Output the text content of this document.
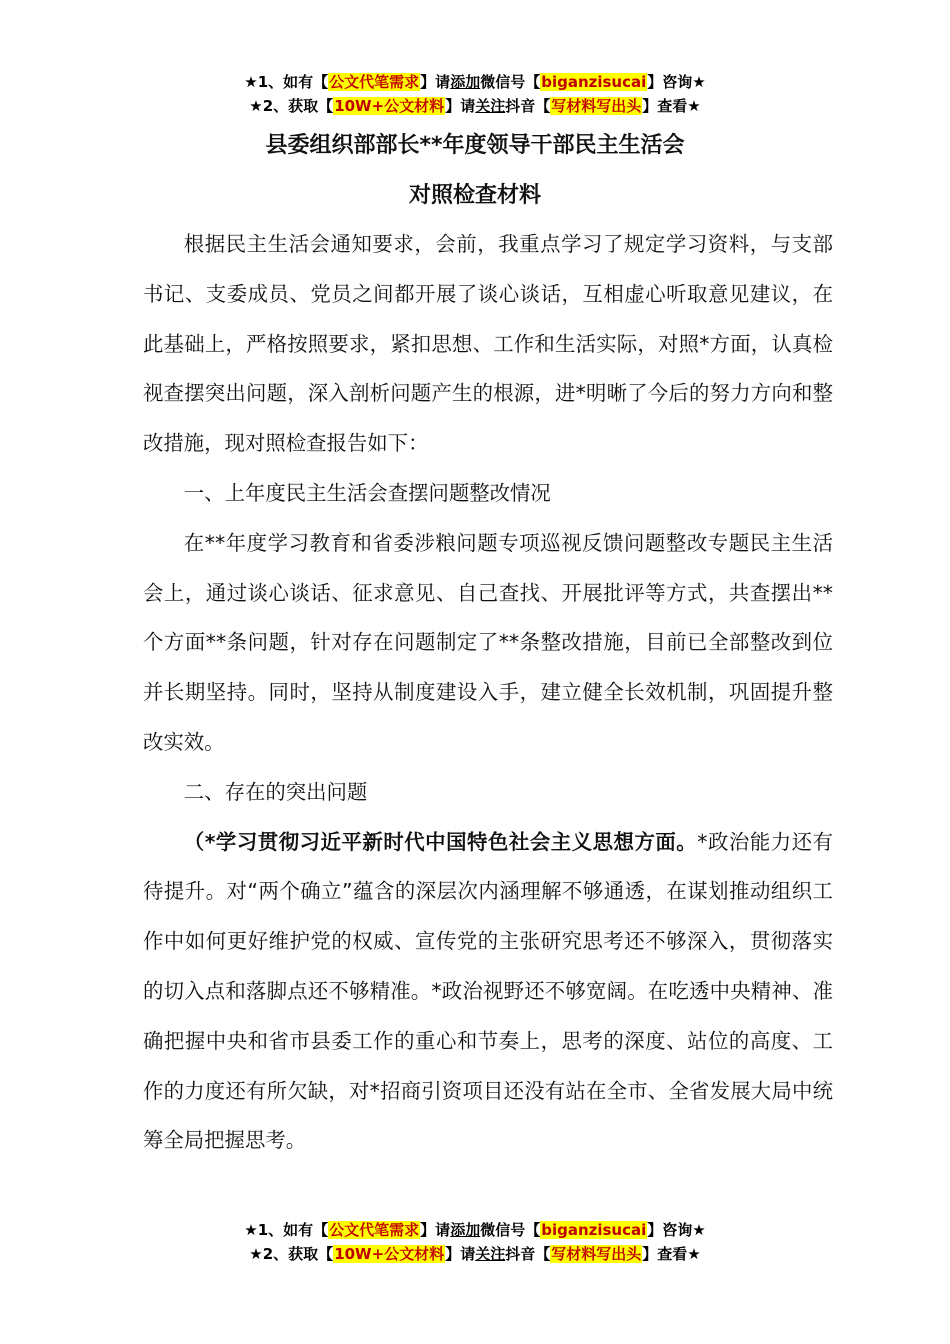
★1、如有【公文代笔需求】请添加微信号【biganzisucai】咨询★
★2、获取【10W+公文材料】请关注抖音【写材料写出头】查看★
县委组织部部长**年度领导干部民主生活会
对照检查材料

根据民主生活会通知要求，会前，我重点学习了规定学习资料，与支部书记、支委成员、党员之间都开展了谈心谈话，互相虚心听取意见建议，在此基础上，严格按照要求，紧扣思想、工作和生活实际，对照*方面，认真检视查摆突出问题，深入剖析问题产生的根源，进*明晰了今后的努力方向和整改措施，现对照检查报告如下：

一、上年度民主生活会查摆问题整改情况

在**年度学习教育和省委涉粮问题专项巡视反馈问题整改专题民主生活会上，通过谈心谈话、征求意见、自己查找、开展批评等方式，共查摆出**个方面**条问题，针对存在问题制定了**条整改措施，目前已全部整改到位并长期坚持。同时，坚持从制度建设入手，建立健全长效机制，巩固提升整改实效。

二、存在的突出问题

（*学习贯彻习近平新时代中国特色社会主义思想方面。*政治能力还有待提升。对“两个确立”蕴含的深层次内涵理解不够通透，在谋划推动组织工作中如何更好维护党的权威、宣传党的主张研究思考还不够深入，贯彻落实的切入点和落脚点还不够精准。*政治视野还不够宽阔。在吃透中央精神、准确把握中央和省市县委工作的重心和节奏上，思考的深度、站位的高度、工作的力度还有所欠缺，对*招商引资项目还没有站在全市、全省发展大局中统筹全局把握思考。

★1、如有【公文代笔需求】请添加微信号【biganzisucai】咨询★
★2、获取【10W+公文材料】请关注抖音【写材料写出头】查看★
